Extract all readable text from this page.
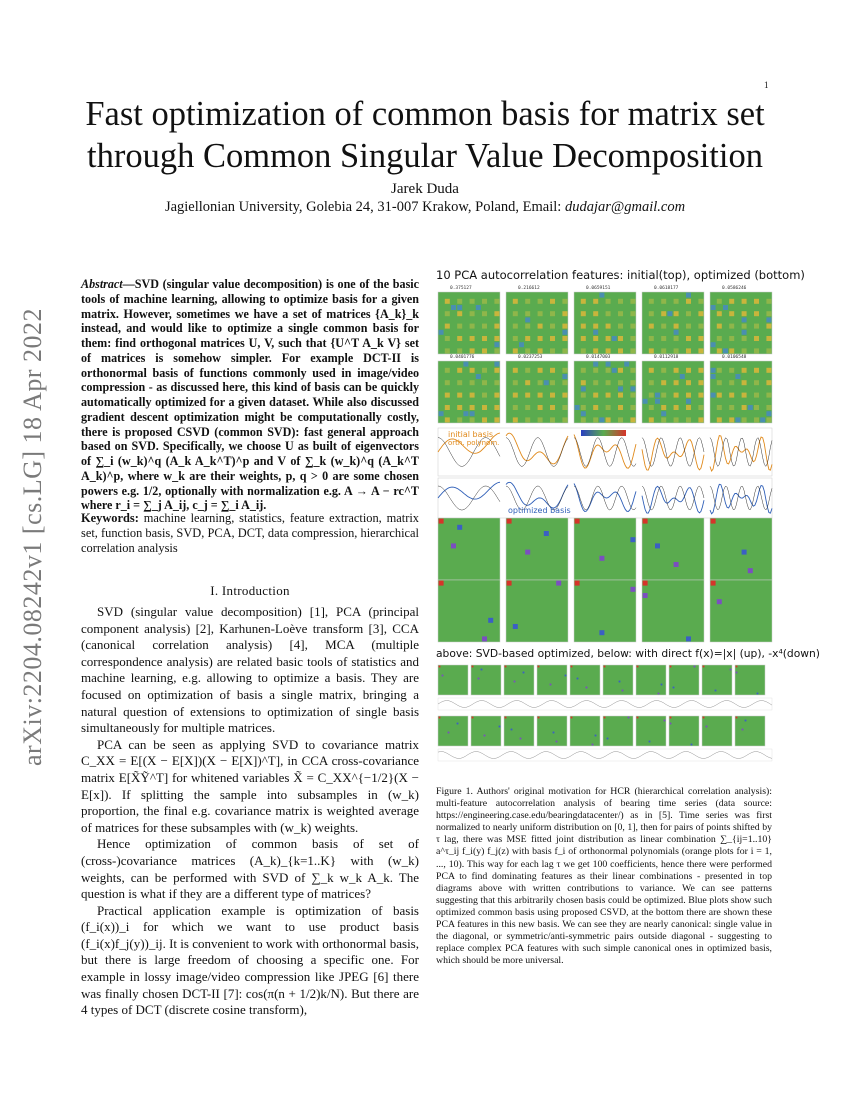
1
arXiv:2204.08242v1 [cs.LG] 18 Apr 2022
Fast optimization of common basis for matrix set through Common Singular Value Decomposition
Jarek Duda
Jagiellonian University, Golebia 24, 31-007 Krakow, Poland, Email: dudajar@gmail.com
Abstract—SVD (singular value decomposition) is one of the basic tools of machine learning, allowing to optimize basis for a given matrix. However, sometimes we have a set of matrices {A_k}_k instead, and would like to optimize a single common basis for them: find orthogonal matrices U, V, such that {U^T A_k V} set of matrices is somehow simpler. For example DCT-II is orthonormal basis of functions commonly used in image/video compression - as discussed here, this kind of basis can be quickly automatically optimized for a given dataset. While also discussed gradient descent optimization might be computationally costly, there is proposed CSVD (common SVD): fast general approach based on SVD. Specifically, we choose U as built of eigenvectors of ∑_i (w_k)^q (A_k A_k^T)^p and V of ∑_k (w_k)^q (A_k^T A_k)^p, where w_k are their weights, p, q > 0 are some chosen powers e.g. 1/2, optionally with normalization e.g. A → A − rc^T where r_i = ∑_j A_ij, c_j = ∑_i A_ij.
Keywords: machine learning, statistics, feature extraction, matrix set, function basis, SVD, PCA, DCT, data compression, hierarchical correlation analysis
I. Introduction

SVD (singular value decomposition) [1], PCA (principal component analysis) [2], Karhunen-Loève transform [3], CCA (canonical correlation analysis) [4], MCA (multiple correspondence analysis) are related basic tools of statistics and machine learning, e.g. allowing to optimize a basis. They are focused on optimization of basis a single matrix, bringing a natural question of extensions to optimization of single basis simultaneously for multiple matrices.

PCA can be seen as applying SVD to covariance matrix C_XX = E[(X − E[X])(X − E[X])^T], in CCA cross-covariance matrix E[X̃Ỹ^T] for whitened variables X̃ = C_XX^{−1/2}(X − E[x]). If splitting the sample into subsamples in (w_k) proportion, the final e.g. covariance matrix is weighted average of matrices for these subsamples with (w_k) weights.

Hence optimization of common basis of set of (cross-)covariance matrices (A_k)_{k=1..K} with (w_k) weights, can be performed with SVD of ∑_k w_k A_k. The question is what if they are a different type of matrices?

Practical application example is optimization of basis (f_i(x))_i for which we want to use product basis (f_i(x)f_j(y))_ij. It is convenient to work with orthonormal basis, but there is large freedom of choosing a specific one. For example in lossy image/video compression like JPEG [6] there was finally chosen DCT-II [7]: cos(π(n + 1/2)k/N). But there are 4 types of DCT (discrete cosine transform),

10 PCA autocorrelation features: initial(top), optimized (bottom)
0.375127	0.216612	0.0659151	0.0618177	0.0586246
0.0401776	0.0237253	0.0147003	0.0112918	0.0106548
initial basis
orth. polynom.
optimized basis
above: SVD-based optimized, below: with direct f(x)=|x| (up), -x⁴(down)
Figure 1. Authors' original motivation for HCR (hierarchical correlation analysis): multi-feature autocorrelation analysis of bearing time series (data source: https://engineering.case.edu/bearingdatacenter/) as in [5]. Time series was first normalized to nearly uniform distribution on [0, 1], then for pairs of points shifted by τ lag, there was MSE fitted joint distribution as linear combination ∑_{ij=1..10} a^τ_ij f_i(y) f_j(z) with basis f_i of orthonormal polynomials (orange plots for i = 1, ..., 10). This way for each lag τ we get 100 coefficients, hence there were performed PCA to find dominating features as their linear combinations - presented in top diagrams above with written contributions to variance. We can see patterns suggesting that this arbitrarily chosen basis could be optimized. Blue plots show such optimized common basis using proposed CSVD, at the bottom there are shown these PCA features in this new basis. We can see they are nearly canonical: single value in the diagonal, or symmetric/anti-symmetric pairs outside diagonal - suggesting to replace complex PCA features with such simple canonical ones in optimized basis, which should be more universal.
